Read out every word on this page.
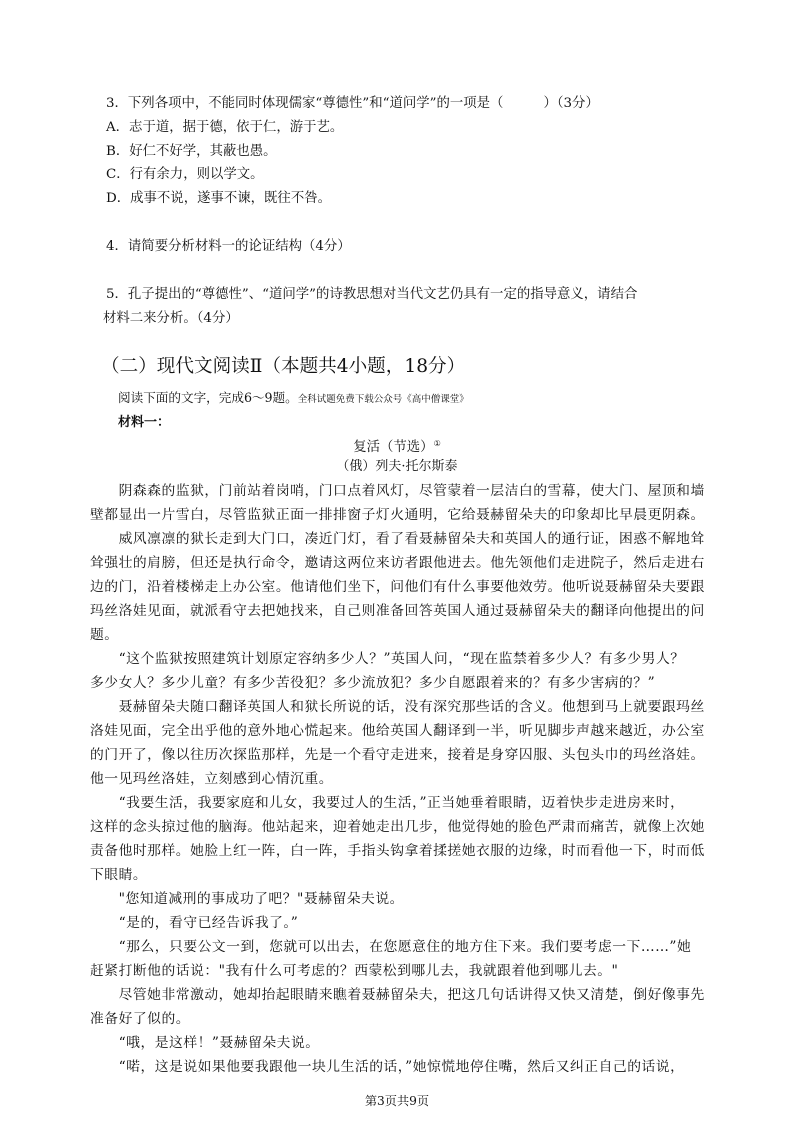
3．下列各项中，不能同时体现儒家“尊德性”和“道问学”的一项是（	）（3分）
A．志于道，据于德，依于仁，游于艺。
B．好仁不好学，其蔽也愚。
C．行有余力，则以学文。
D．成事不说，遂事不谏，既往不咎。
4．请简要分析材料一的论证结构（4分）
5．孔子提出的“尊德性”、“道问学”的诗教思想对当代文艺仍具有一定的指导意义，请结合
材料二来分析。（4分）
（二）现代文阅读Ⅱ（本题共4小题，18分）
阅读下面的文字，完成6～9题。全科试题免费下载公众号《高中僧课堂》
材料一：
复活（节选）①
（俄）列夫·托尔斯泰
　　阴森森的监狱，门前站着岗哨，门口点着风灯，尽管蒙着一层洁白的雪幕，使大门、屋顶和墙
壁都显出一片雪白，尽管监狱正面一排排窗子灯火通明，它给聂赫留朵夫的印象却比早晨更阴森。
　　威风凛凛的狱长走到大门口，凑近门灯，看了看聂赫留朵夫和英国人的通行证，困惑不解地耸
耸强壮的肩膀，但还是执行命令，邀请这两位来访者跟他进去。他先领他们走进院子，然后走进右
边的门，沿着楼梯走上办公室。他请他们坐下，问他们有什么事要他效劳。他听说聂赫留朵夫要跟
玛丝洛娃见面，就派看守去把她找来，自己则准备回答英国人通过聂赫留朵夫的翻译向他提出的问
题。
　　“这个监狱按照建筑计划原定容纳多少人？”英国人问，“现在监禁着多少人？有多少男人？
多少女人？多少儿童？有多少苦役犯？多少流放犯？多少自愿跟着来的？有多少害病的？”
　　聂赫留朵夫随口翻译英国人和狱长所说的话，没有深究那些话的含义。他想到马上就要跟玛丝
洛娃见面，完全出乎他的意外地心慌起来。他给英国人翻译到一半，听见脚步声越来越近，办公室
的门开了，像以往历次探监那样，先是一个看守走进来，接着是身穿囚服、头包头巾的玛丝洛娃。
他一见玛丝洛娃，立刻感到心情沉重。
　　“我要生活，我要家庭和儿女，我要过人的生活，”正当她垂着眼睛，迈着快步走进房来时，
这样的念头掠过他的脑海。他站起来，迎着她走出几步，他觉得她的脸色严肃而痛苦，就像上次她
责备他时那样。她脸上红一阵，白一阵，手指头钩拿着揉搓她衣服的边缘，时而看他一下，时而低
下眼睛。
　　"您知道减刑的事成功了吧？"聂赫留朵夫说。
　　“是的，看守已经告诉我了。”
　　“那么，只要公文一到，您就可以出去，在您愿意住的地方住下来。我们要考虑一下……”她
赶紧打断他的话说："我有什么可考虑的？西蒙松到哪儿去，我就跟着他到哪儿去。"
　　尽管她非常激动，她却抬起眼睛来瞧着聂赫留朵夫，把这几句话讲得又快又清楚，倒好像事先
准备好了似的。
　　“哦，是这样！”聂赫留朵夫说。
　　“喏，这是说如果他要我跟他一块儿生活的话，”她惊慌地停住嘴，然后又纠正自己的话说，
第3页共9页
